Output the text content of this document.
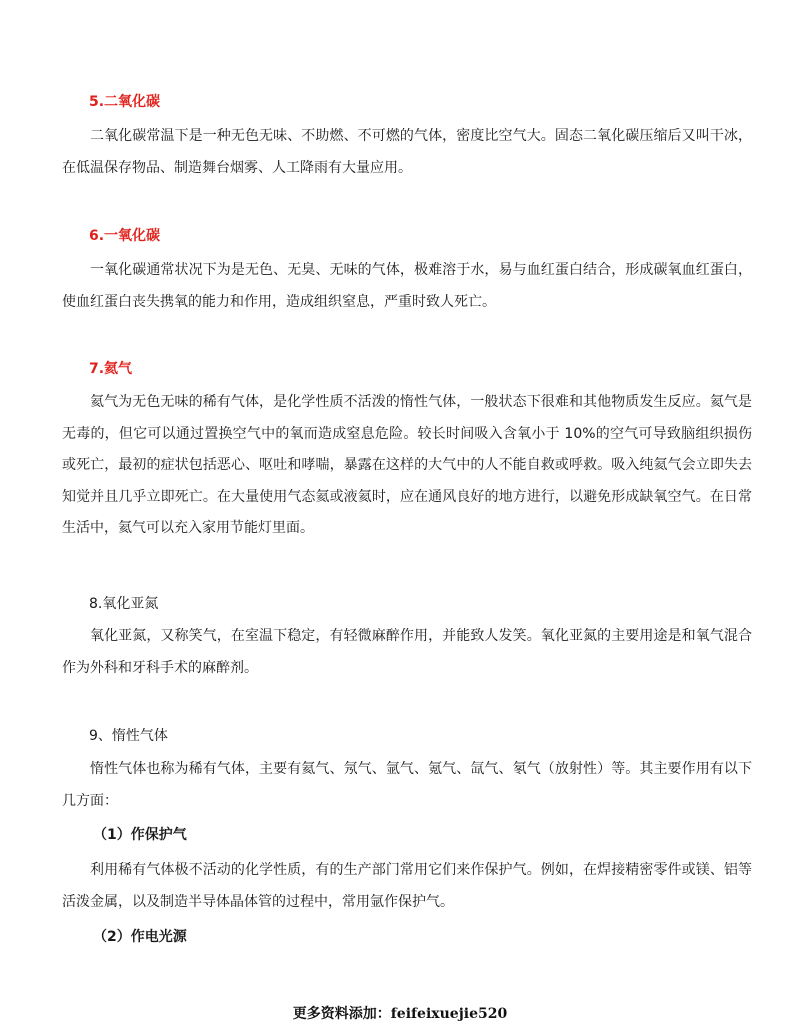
5.二氧化碳

二氧化碳常温下是一种无色无味、不助燃、不可燃的气体，密度比空气大。固态二氧化碳压缩后又叫干冰，在低温保存物品、制造舞台烟雾、人工降雨有大量应用。

6.一氧化碳

一氧化碳通常状况下为是无色、无臭、无味的气体，极难溶于水，易与血红蛋白结合，形成碳氧血红蛋白，使血红蛋白丧失携氧的能力和作用，造成组织窒息，严重时致人死亡。

7.氦气

氦气为无色无味的稀有气体，是化学性质不活泼的惰性气体，一般状态下很难和其他物质发生反应。氦气是无毒的，但它可以通过置换空气中的氧而造成窒息危险。较长时间吸入含氧小于 10%的空气可导致脑组织损伤或死亡，最初的症状包括恶心、呕吐和哮喘，暴露在这样的大气中的人不能自救或呼救。吸入纯氦气会立即失去知觉并且几乎立即死亡。在大量使用气态氦或液氦时，应在通风良好的地方进行，以避免形成缺氧空气。在日常生活中，氦气可以充入家用节能灯里面。

8.氧化亚氮

氧化亚氮，又称笑气，在室温下稳定，有轻微麻醉作用，并能致人发笑。氧化亚氮的主要用途是和氧气混合作为外科和牙科手术的麻醉剂。

9、惰性气体

惰性气体也称为稀有气体，主要有氦气、氖气、氩气、氪气、氙气、氡气（放射性）等。其主要作用有以下几方面：

（1）作保护气

利用稀有气体极不活动的化学性质，有的生产部门常用它们来作保护气。例如，在焊接精密零件或镁、铝等活泼金属，以及制造半导体晶体管的过程中，常用氩作保护气。

（2）作电光源
更多资料添加：feifeixuejie520
